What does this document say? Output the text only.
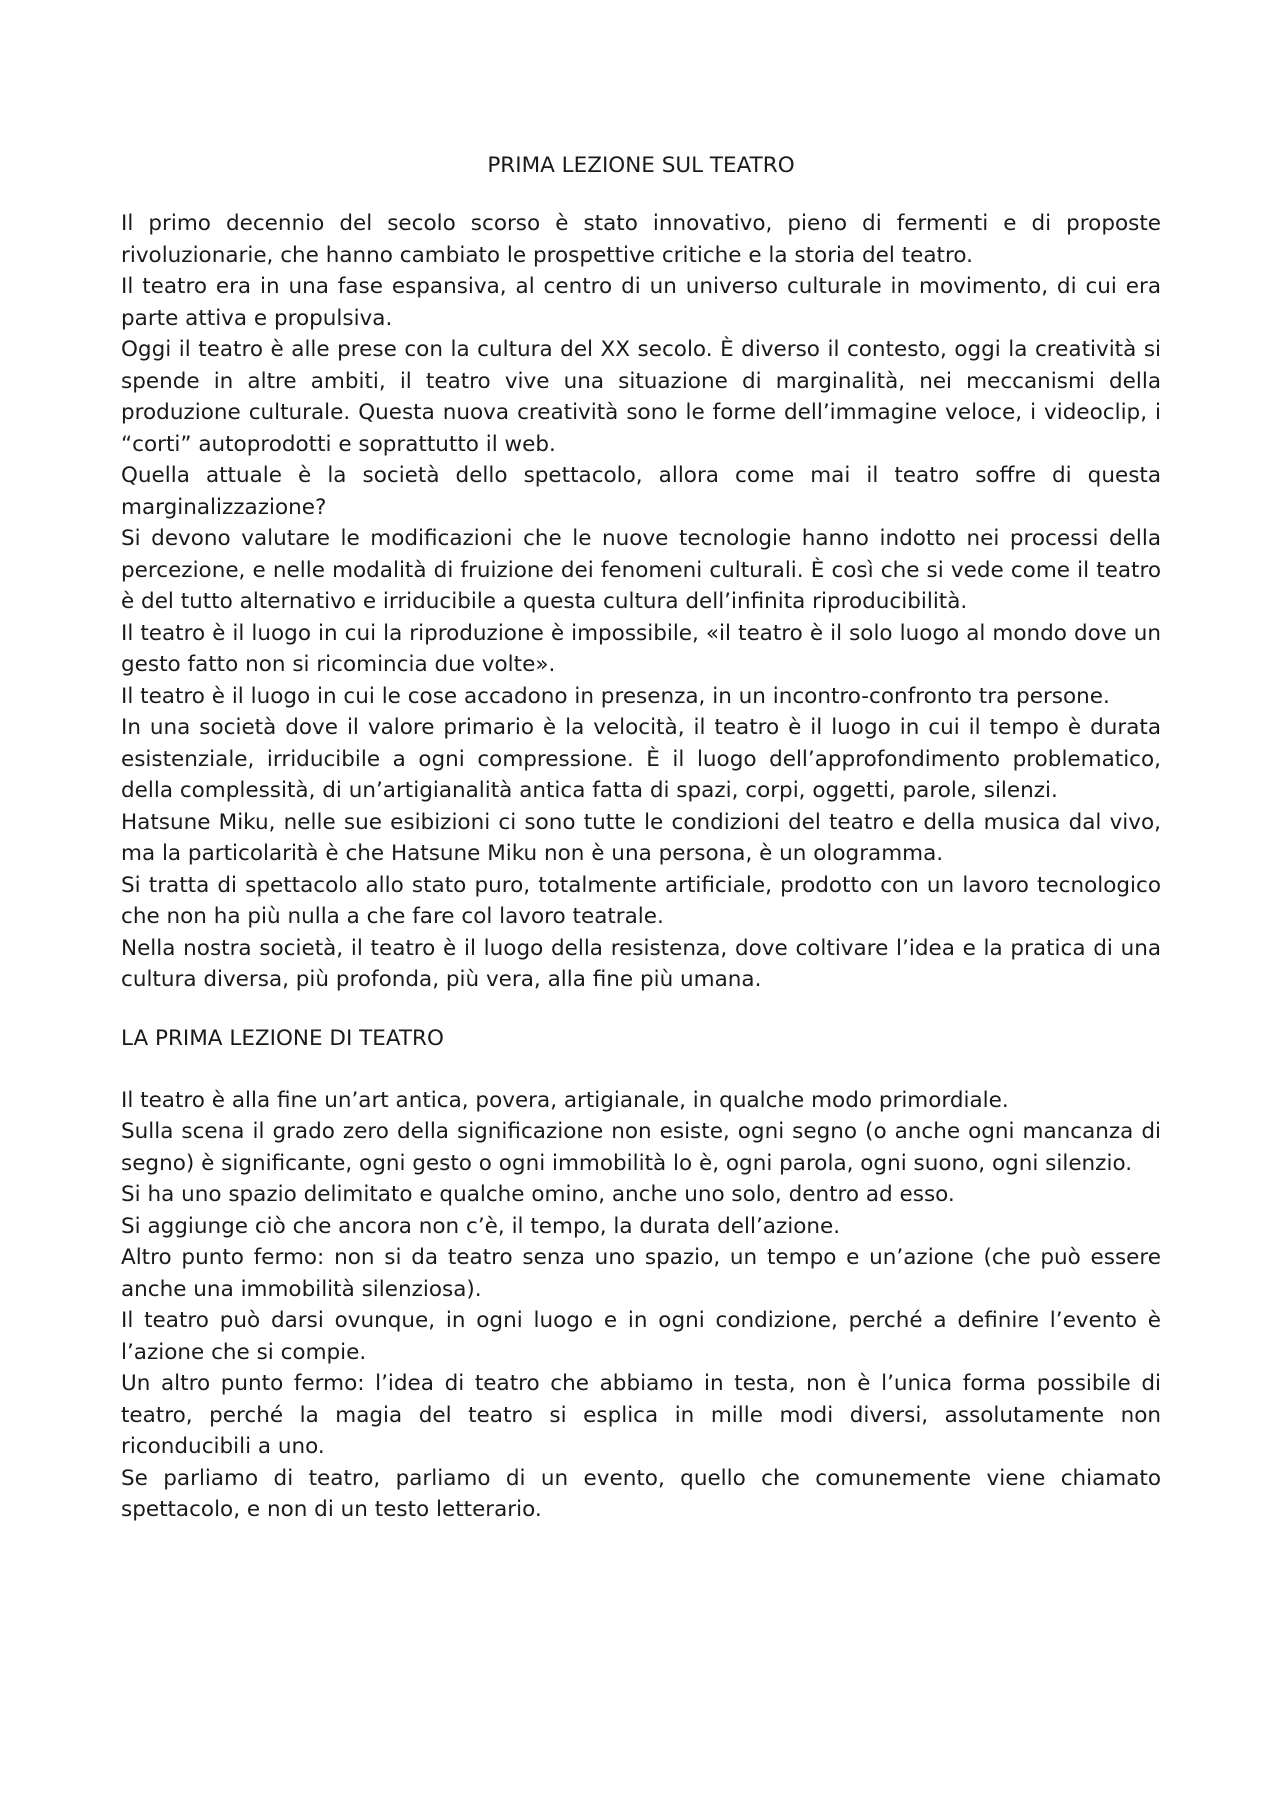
PRIMA LEZIONE SUL TEATRO

Il primo decennio del secolo scorso è stato innovativo, pieno di fermenti e di proposte rivoluzionarie, che hanno cambiato le prospettive critiche e la storia del teatro.

Il teatro era in una fase espansiva, al centro di un universo culturale in movimento, di cui era parte attiva e propulsiva.

Oggi il teatro è alle prese con la cultura del XX secolo. È diverso il contesto, oggi la creatività si spende in altre ambiti, il teatro vive una situazione di marginalità, nei meccanismi della produzione culturale. Questa nuova creatività sono le forme dell’immagine veloce, i videoclip, i “corti” autoprodotti e soprattutto il web.

Quella attuale è la società dello spettacolo, allora come mai il teatro soffre di questa marginalizzazione?

Si devono valutare le modificazioni che le nuove tecnologie hanno indotto nei processi della percezione, e nelle modalità di fruizione dei fenomeni culturali. È così che si vede come il teatro è del tutto alternativo e irriducibile a questa cultura dell’infinita riproducibilità.

Il teatro è il luogo in cui la riproduzione è impossibile, «il teatro è il solo luogo al mondo dove un gesto fatto non si ricomincia due volte».

Il teatro è il luogo in cui le cose accadono in presenza, in un incontro-confronto tra persone.

In una società dove il valore primario è la velocità, il teatro è il luogo in cui il tempo è durata esistenziale, irriducibile a ogni compressione. È il luogo dell’approfondimento problematico, della complessità, di un’artigianalità antica fatta di spazi, corpi, oggetti, parole, silenzi.

Hatsune Miku, nelle sue esibizioni ci sono tutte le condizioni del teatro e della musica dal vivo, ma la particolarità è che Hatsune Miku non è una persona, è un ologramma.

Si tratta di spettacolo allo stato puro, totalmente artificiale, prodotto con un lavoro tecnologico che non ha più nulla a che fare col lavoro teatrale.

Nella nostra società, il teatro è il luogo della resistenza, dove coltivare l’idea e la pratica di una cultura diversa, più profonda, più vera, alla fine più umana.

LA PRIMA LEZIONE DI TEATRO

Il teatro è alla fine un’art antica, povera, artigianale, in qualche modo primordiale.

Sulla scena il grado zero della significazione non esiste, ogni segno (o anche ogni mancanza di segno) è significante, ogni gesto o ogni immobilità lo è, ogni parola, ogni suono, ogni silenzio.

Si ha uno spazio delimitato e qualche omino, anche uno solo, dentro ad esso.

Si aggiunge ciò che ancora non c’è, il tempo, la durata dell’azione.

Altro punto fermo: non si da teatro senza uno spazio, un tempo e un’azione (che può essere anche una immobilità silenziosa).

Il teatro può darsi ovunque, in ogni luogo e in ogni condizione, perché a definire l’evento è l’azione che si compie.

Un altro punto fermo: l’idea di teatro che abbiamo in testa, non è l’unica forma possibile di teatro, perché la magia del teatro si esplica in mille modi diversi, assolutamente non riconducibili a uno.

Se parliamo di teatro, parliamo di un evento, quello che comunemente viene chiamato spettacolo, e non di un testo letterario.
